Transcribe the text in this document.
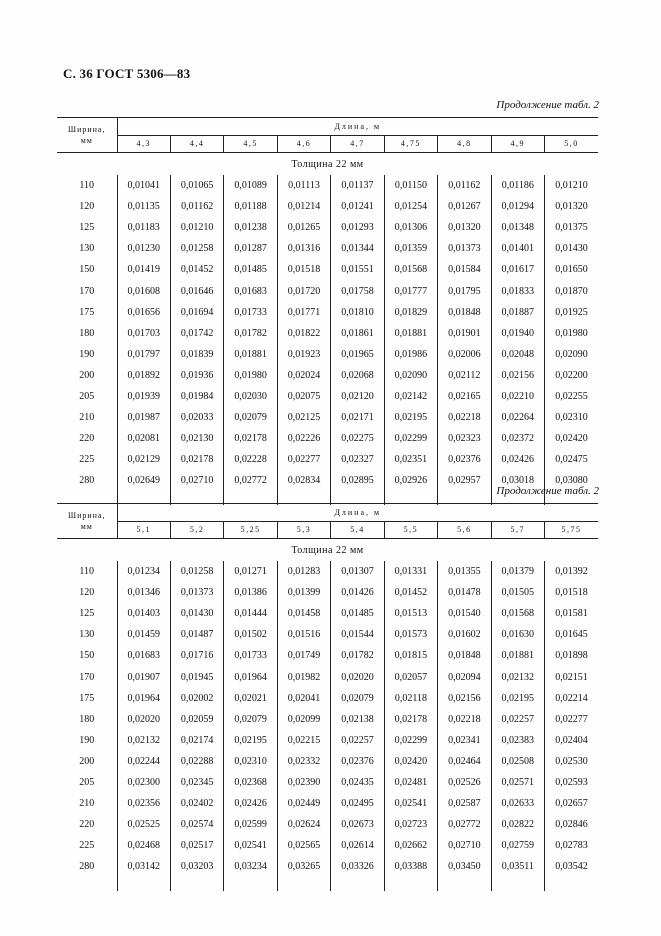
С. 36 ГОСТ 5306—83
Продолжение табл. 2
Ширина,
мм	Длина, м								
	4,3	4,4	4,5	4,6	4,7	4,75	4,8	4,9	5,0
Толщина 22 мм									
110	0,01041	0,01065	0,01089	0,01113	0,01137	0,01150	0,01162	0,01186	0,01210
120	0,01135	0,01162	0,01188	0,01214	0,01241	0,01254	0,01267	0,01294	0,01320
125	0,01183	0,01210	0,01238	0,01265	0,01293	0,01306	0,01320	0,01348	0,01375
130	0,01230	0,01258	0,01287	0,01316	0,01344	0,01359	0,01373	0,01401	0,01430
150	0,01419	0,01452	0,01485	0,01518	0,01551	0,01568	0,01584	0,01617	0,01650
170	0,01608	0,01646	0,01683	0,01720	0,01758	0,01777	0,01795	0,01833	0,01870
175	0,01656	0,01694	0,01733	0,01771	0,01810	0,01829	0,01848	0,01887	0,01925
180	0,01703	0,01742	0,01782	0,01822	0,01861	0,01881	0,01901	0,01940	0,01980
190	0,01797	0,01839	0,01881	0,01923	0,01965	0,01986	0,02006	0,02048	0,02090
200	0,01892	0,01936	0,01980	0,02024	0,02068	0,02090	0,02112	0,02156	0,02200
205	0,01939	0,01984	0,02030	0,02075	0,02120	0,02142	0,02165	0,02210	0,02255
210	0,01987	0,02033	0,02079	0,02125	0,02171	0,02195	0,02218	0,02264	0,02310
220	0,02081	0,02130	0,02178	0,02226	0,02275	0,02299	0,02323	0,02372	0,02420
225	0,02129	0,02178	0,02228	0,02277	0,02327	0,02351	0,02376	0,02426	0,02475
280	0,02649	0,02710	0,02772	0,02834	0,02895	0,02926	0,02957	0,03018	0,03080

Продолжение табл. 2
Ширина,
мм	Длина, м								
	5,1	5,2	5,25	5,3	5,4	5,5	5,6	5,7	5,75
Толщина 22 мм									
110	0,01234	0,01258	0,01271	0,01283	0,01307	0,01331	0,01355	0,01379	0,01392
120	0,01346	0,01373	0,01386	0,01399	0,01426	0,01452	0,01478	0,01505	0,01518
125	0,01403	0,01430	0,01444	0,01458	0,01485	0,01513	0,01540	0,01568	0,01581
130	0,01459	0,01487	0,01502	0,01516	0,01544	0,01573	0,01602	0,01630	0,01645
150	0,01683	0,01716	0,01733	0,01749	0,01782	0,01815	0,01848	0,01881	0,01898
170	0,01907	0,01945	0,01964	0,01982	0,02020	0,02057	0,02094	0,02132	0,02151
175	0,01964	0,02002	0,02021	0,02041	0,02079	0,02118	0,02156	0,02195	0,02214
180	0,02020	0,02059	0,02079	0,02099	0,02138	0,02178	0,02218	0,02257	0,02277
190	0,02132	0,02174	0,02195	0,02215	0,02257	0,02299	0,02341	0,02383	0,02404
200	0,02244	0,02288	0,02310	0,02332	0,02376	0,02420	0,02464	0,02508	0,02530
205	0,02300	0,02345	0,02368	0,02390	0,02435	0,02481	0,02526	0,02571	0,02593
210	0,02356	0,02402	0,02426	0,02449	0,02495	0,02541	0,02587	0,02633	0,02657
220	0,02525	0,02574	0,02599	0,02624	0,02673	0,02723	0,02772	0,02822	0,02846
225	0,02468	0,02517	0,02541	0,02565	0,02614	0,02662	0,02710	0,02759	0,02783
280	0,03142	0,03203	0,03234	0,03265	0,03326	0,03388	0,03450	0,03511	0,03542
